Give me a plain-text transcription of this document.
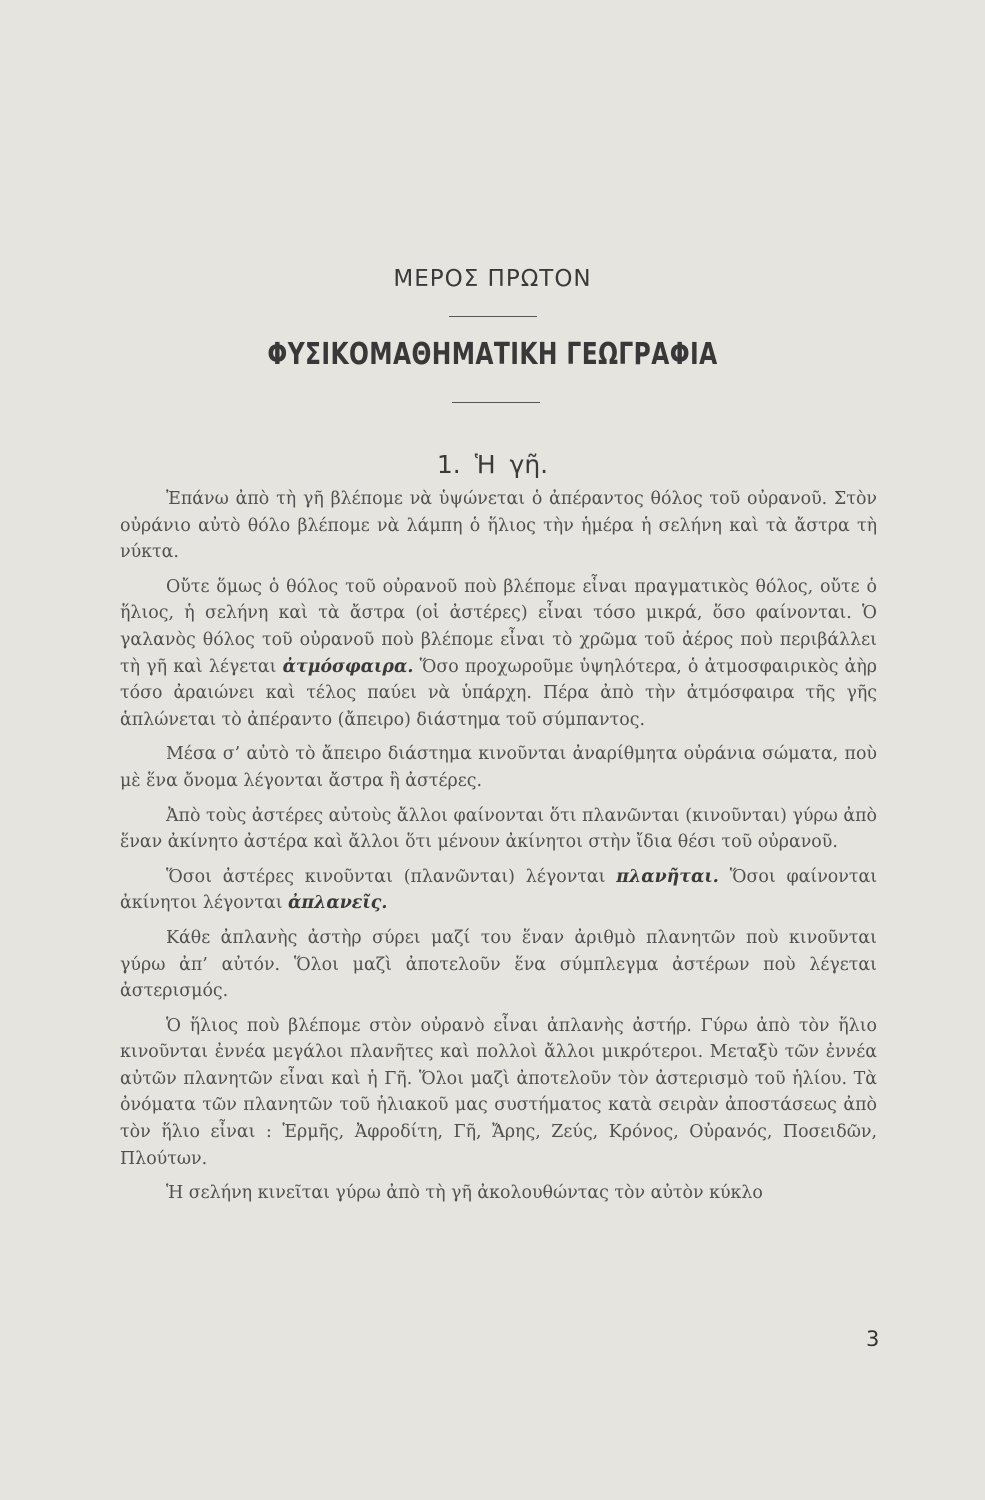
ΜΕΡΟΣ ΠΡΩΤΟΝ
ΦΥΣΙΚΟΜΑΘΗΜΑΤΙΚΗ ΓΕΩΓΡΑΦΙΑ
1. Ἡ γῆ.

Ἐπάνω ἀπὸ τὴ γῆ βλέπομε νὰ ὑψώνεται ὁ ἀπέραντος θόλος τοῦ οὐρανοῦ. Στὸν οὐράνιο αὐτὸ θόλο βλέπομε νὰ λάμπη ὁ ἥλιος τὴν ἡμέρα ἡ σελήνη καὶ τὰ ἄστρα τὴ νύκτα.

Οὔτε ὅμως ὁ θόλος τοῦ οὐρανοῦ ποὺ βλέπομε εἶναι πραγματικὸς θόλος, οὔτε ὁ ἥλιος, ἡ σελήνη καὶ τὰ ἄστρα (οἱ ἀστέρες) εἶναι τόσο μικρά, ὅσο φαίνονται. Ὁ γαλανὸς θόλος τοῦ οὐρανοῦ ποὺ βλέπομε εἶναι τὸ χρῶμα τοῦ ἀέρος ποὺ περιβάλλει τὴ γῆ καὶ λέγεται ἀτμόσφαιρα. Ὅσο προχωροῦμε ὑψηλότερα, ὁ ἀτμοσφαιρικὸς ἀὴρ τόσο ἀραιώνει καὶ τέλος παύει νὰ ὑπάρχη. Πέρα ἀπὸ τὴν ἀτμόσφαιρα τῆς γῆς ἁπλώνεται τὸ ἀπέραντο (ἄπειρο) διάστημα τοῦ σύμπαντος.

Μέσα σ’ αὐτὸ τὸ ἄπειρο διάστημα κινοῦνται ἀναρίθμητα οὐράνια σώματα, ποὺ μὲ ἕνα ὄνομα λέγονται ἄστρα ἢ ἀστέρες.

Ἀπὸ τοὺς ἀστέρες αὐτοὺς ἄλλοι φαίνονται ὅτι πλανῶνται (κινοῦνται) γύρω ἀπὸ ἕναν ἀκίνητο ἀστέρα καὶ ἄλλοι ὅτι μένουν ἀκίνητοι στὴν ἴδια θέσι τοῦ οὐρανοῦ.

Ὅσοι ἀστέρες κινοῦνται (πλανῶνται) λέγονται πλανῆται. Ὅσοι φαίνονται ἀκίνητοι λέγονται ἀπλανεῖς.

Κάθε ἀπλανὴς ἀστὴρ σύρει μαζί του ἕναν ἀριθμὸ πλανητῶν ποὺ κινοῦνται γύρω ἀπ’ αὐτόν. Ὅλοι μαζὶ ἀποτελοῦν ἕνα σύμπλεγμα ἀστέρων ποὺ λέγεται ἀστερισμός.

Ὁ ἥλιος ποὺ βλέπομε στὸν οὐρανὸ εἶναι ἀπλανὴς ἀστήρ. Γύρω ἀπὸ τὸν ἥλιο κινοῦνται ἐννέα μεγάλοι πλανῆτες καὶ πολλοὶ ἄλλοι μικρότεροι. Μεταξὺ τῶν ἐννέα αὐτῶν πλανητῶν εἶναι καὶ ἡ Γῆ. Ὅλοι μαζὶ ἀποτελοῦν τὸν ἀστερισμὸ τοῦ ἡλίου. Τὰ ὀνόματα τῶν πλανητῶν τοῦ ἡλιακοῦ μας συστήματος κατὰ σειρὰν ἀποστάσεως ἀπὸ τὸν ἥλιο εἶναι : Ἑρμῆς, Ἀφροδίτη, Γῆ, Ἄρης, Ζεύς, Κρόνος, Οὐρανός, Ποσειδῶν, Πλούτων.

Ἡ σελήνη κινεῖται γύρω ἀπὸ τὴ γῆ ἀκολουθώντας τὸν αὐτὸν κύκλο

3
